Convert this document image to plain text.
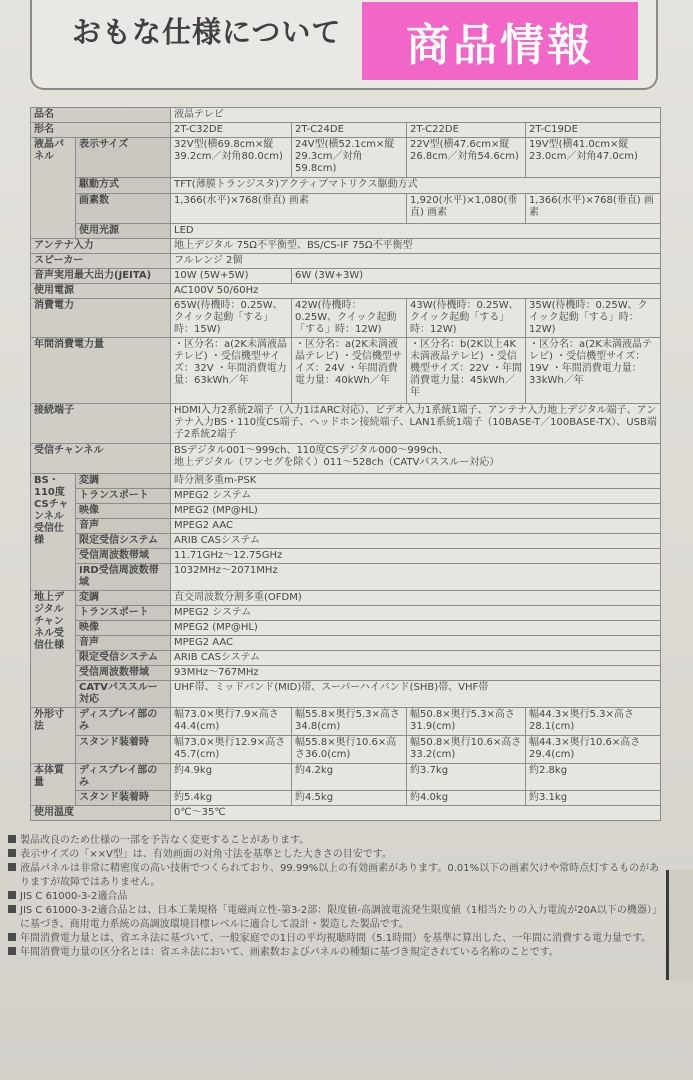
おもな仕様について	商品情報
品名		液晶テレビ			
形名		2T-C32DE	2T-C24DE	2T-C22DE	2T-C19DE
液晶パネル	表示サイズ	32V型(横69.8cm×縦39.2cm／対角80.0cm)	24V型(横52.1cm×縦29.3cm／対角59.8cm)	22V型(横47.6cm×縦26.8cm／対角54.6cm)	19V型(横41.0cm×縦23.0cm／対角47.0cm)
	駆動方式	TFT(薄膜トランジスタ)アクティブマトリクス駆動方式			
	画素数	1,366(水平)×768(垂直) 画素		1,920(水平)×1,080(垂直) 画素	1,366(水平)×768(垂直) 画素
	使用光源	LED			
アンテナ入力		地上デジタル 75Ω不平衡型、BS/CS-IF 75Ω不平衡型			
スピーカー		フルレンジ 2個			
音声実用最大出力(JEITA)		10W (5W+5W)	6W (3W+3W)		
使用電源		AC100V 50/60Hz			
消費電力		65W(待機時：0.25W、クイック起動「する」時：15W)	42W(待機時：0.25W、クイック起動「する」時：12W)	43W(待機時：0.25W、クイック起動「する」時：12W)	35W(待機時：0.25W、クイック起動「する」時：12W)
年間消費電力量		・区分名：a(2K未満液晶テレビ) ・受信機型サイズ：32V ・年間消費電力量：63kWh／年	・区分名：a(2K未満液晶テレビ) ・受信機型サイズ：24V ・年間消費電力量：40kWh／年	・区分名：b(2K以上4K未満液晶テレビ) ・受信機型サイズ：22V ・年間消費電力量：45kWh／年	・区分名：a(2K未満液晶テレビ) ・受信機型サイズ：19V ・年間消費電力量：33kWh／年
接続端子		HDMI入力2系統2端子（入力1はARC対応）、ビデオ入力1系統1端子、アンテナ入力地上デジタル端子、アンテナ入力BS・110度CS端子、ヘッドホン接続端子、LAN1系統1端子（10BASE-T／100BASE-TX）、USB端子2系統2端子			
受信チャンネル		BSデジタル001〜999ch、110度CSデジタル000〜999ch、
地上デジタル（ワンセグを除く）011〜528ch（CATVパススルー対応）			

BS・110度CSチャンネル受信仕様	変調	時分割多重m-PSK			
	トランスポート	MPEG2 システム			
	映像	MPEG2 (MP@HL)			
	音声	MPEG2 AAC			
	限定受信システム	ARIB CASシステム			
	受信周波数帯域	11.71GHz〜12.75GHz			
	IRD受信周波数帯域	1032MHz〜2071MHz			
地上デジタルチャンネル受信仕様	変調	直交周波数分割多重(OFDM)			
	トランスポート	MPEG2 システム			
	映像	MPEG2 (MP@HL)			
	音声	MPEG2 AAC			
	限定受信システム	ARIB CASシステム			
	受信周波数帯域	93MHz〜767MHz			
	CATVパススルー対応	UHF帯、ミッドバンド(MID)帯、スーパーハイバンド(SHB)帯、VHF帯			
外形寸法	ディスプレイ部のみ	幅73.0×奥行7.9×高さ44.4(cm)	幅55.8×奥行5.3×高さ34.8(cm)	幅50.8×奥行5.3×高さ31.9(cm)	幅44.3×奥行5.3×高さ28.1(cm)
	スタンド装着時	幅73.0×奥行12.9×高さ45.7(cm)	幅55.8×奥行10.6×高さ36.0(cm)	幅50.8×奥行10.6×高さ33.2(cm)	幅44.3×奥行10.6×高さ29.4(cm)
本体質量	ディスプレイ部のみ	約4.9kg	約4.2kg	約3.7kg	約2.8kg
	スタンド装着時	約5.4kg	約4.5kg	約4.0kg	約3.1kg
使用温度		0℃〜35℃			

製品改良のため仕様の一部を予告なく変更することがあります。

表示サイズの「××V型」は、有効画面の対角寸法を基準とした大きさの目安です。

液晶パネルは非常に精密度の高い技術でつくられており、99.99%以上の有効画素があります。0.01%以下の画素欠けや常時点灯するものがありますが故障ではありません。

JIS C 61000-3-2適合品

JIS C 61000-3-2適合品とは、日本工業規格「電磁両立性-第3-2部：限度値-高調波電流発生限度値（1相当たりの入力電流が20A以下の機器）」に基づき、商用電力系統の高調波環境目標レベルに適合して設計・製造した製品です。

年間消費電力量とは、省エネ法に基づいて、一般家庭での1日の平均視聴時間（5.1時間）を基準に算出した、一年間に消費する電力量です。

年間消費電力量の区分名とは：省エネ法において、画素数およびパネルの種類に基づき規定されている名称のことです。
